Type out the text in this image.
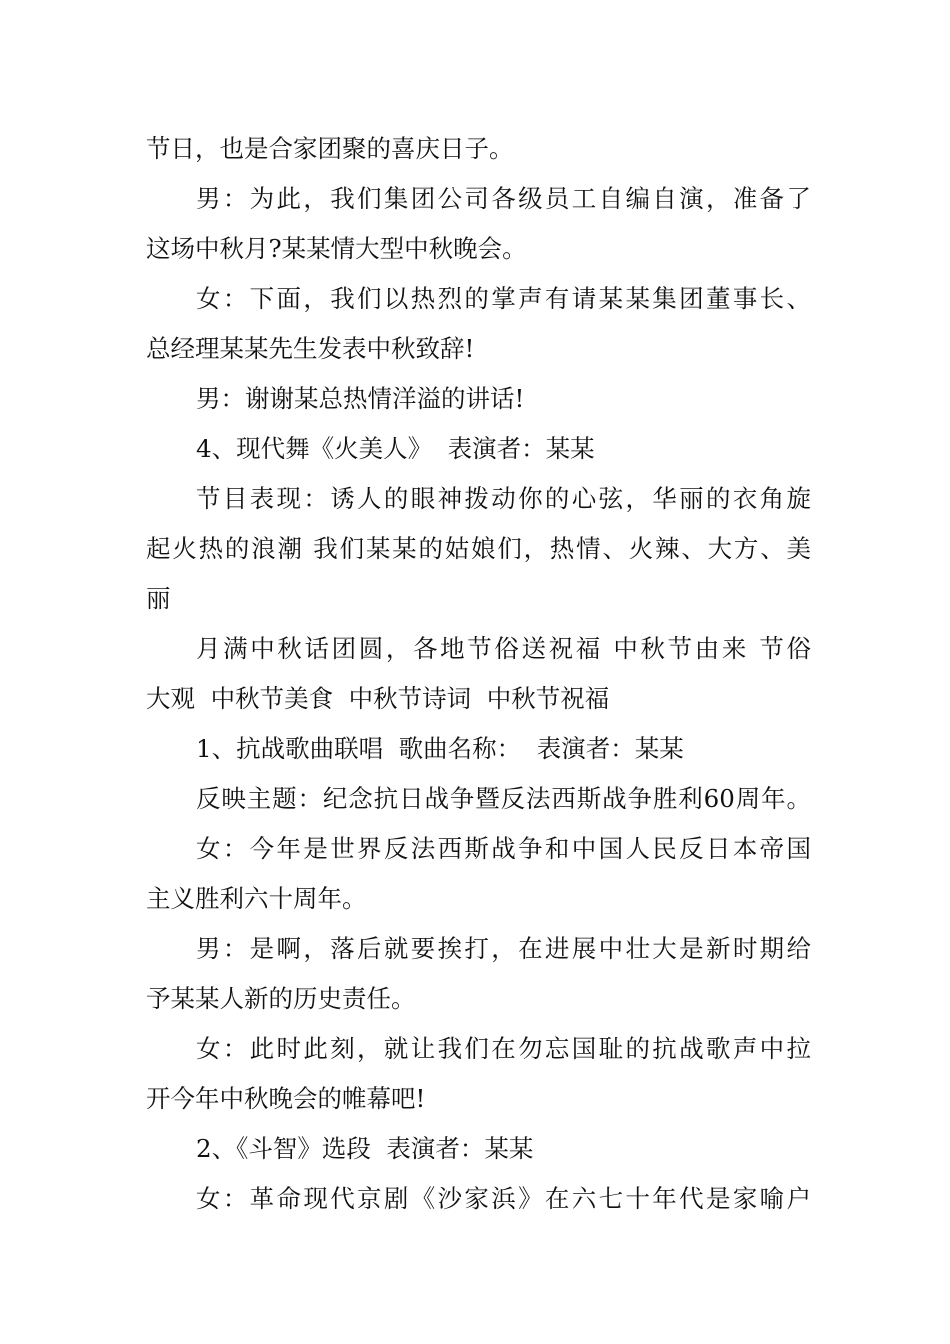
节日，也是合家团聚的喜庆日子。
男：为此，我们集团公司各级员工自编自演，准备了
这场中秋月?某某情大型中秋晚会。
女：下面，我们以热烈的掌声有请某某集团董事长、
总经理某某先生发表中秋致辞!
男：谢谢某总热情洋溢的讲话!
4、现代舞《火美人》  表演者：某某
节目表现：诱人的眼神拨动你的心弦，华丽的衣角旋
起火热的浪潮 我们某某的姑娘们，热情、火辣、大方、美
丽
月满中秋话团圆，各地节俗送祝福 中秋节由来 节俗
大观  中秋节美食  中秋节诗词  中秋节祝福
1、抗战歌曲联唱  歌曲名称：  表演者：某某
反映主题：纪念抗日战争暨反法西斯战争胜利60周年。
女：今年是世界反法西斯战争和中国人民反日本帝国
主义胜利六十周年。
男：是啊，落后就要挨打，在进展中壮大是新时期给
予某某人新的历史责任。
女：此时此刻，就让我们在勿忘国耻的抗战歌声中拉
开今年中秋晚会的帷幕吧!
2、《斗智》选段  表演者：某某
女：革命现代京剧《沙家浜》在六七十年代是家喻户
